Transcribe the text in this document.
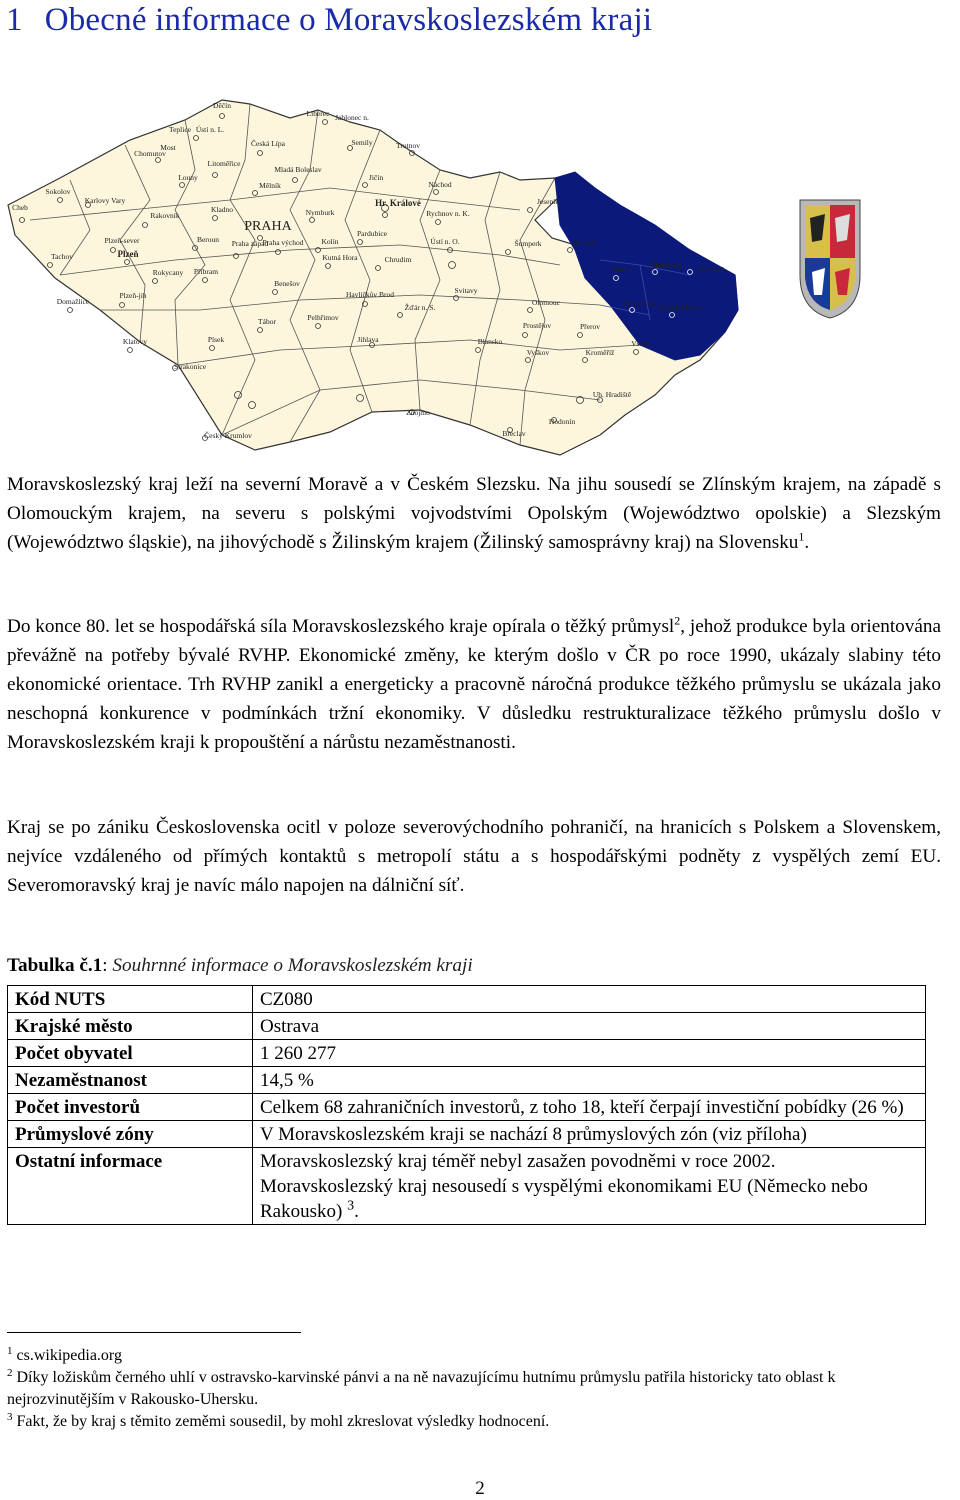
1 Obecné informace o Moravskoslezském kraji
Děčín
Liberec Jablonec n.
Teplice Ústí n. L.
Most	Česká Lípa	Semily	Trutnov
Chomutov
Litoměřice
Mladá Boleslav
Jičín
Louny
Mělník	Náchod
Sokolov
Karlovy Vary
Cheb	Kladno	Nymburk
Hr. Králové
Rychnov n. K.
Jeseník
Rakovník
PRAHA
Praha západ
Praha východ Kolín
Pardubice
Ústí n. O.	Šumperk	Bruntál
Tachov
Plzeň-sever
Plzeň
Beroun
Kutná Hora	Chrudim
Opava Ostrava Karviná
Rokycany Příbram
Benešov
Havlíčkův Brod	Svitavy
Nový Jičín Frýdek Místek
Plzeň-jih
Žďár n. S.
Olomouc
Domažlice
Pelhřimov
Prostějov	Přerov
Tábor
Jihlava	Blansko
Klatovy	Písek
Vyškov	Kroměříž
Vsetín
Strakonice
Uh. Hradiště
Znojmo
Hodonín
Český Krumlov	Břeclav

Moravskoslezský kraj leží na severní Moravě a v Českém Slezsku. Na jihu sousedí se Zlínským krajem, na západě s Olomouckým krajem, na severu s polskými vojvodstvími Opolským (Województwo opolskie) a Slezským (Województwo śląskie), na jihovýchodě s Žilinským krajem (Žilinský samosprávny kraj) na Slovensku$^1$.

Do konce 80. let se hospodářská síla Moravskoslezského kraje opírala o těžký průmysl$^2$, jehož produkce byla orientována převážně na potřeby bývalé RVHP. Ekonomické změny, ke kterým došlo v ČR po roce 1990, ukázaly slabiny této ekonomické orientace. Trh RVHP zanikl a energeticky a pracovně náročná produkce těžkého průmyslu se ukázala jako neschopná konkurence v podmínkách tržní ekonomiky. V důsledku restrukturalizace těžkého průmyslu došlo v Moravskoslezském kraji k propouštění a nárůstu nezaměstnanosti.

Kraj se po zániku Československa ocitl v poloze severovýchodního pohraničí, na hranicích s Polskem a Slovenskem, nejvíce vzdáleného od přímých kontaktů s metropolí státu a s hospodářskými podněty z vyspělých zemí EU. Severomoravský kraj je navíc málo napojen na dálniční síť.

Tabulka č.1: Souhrnné informace o Moravskoslezském kraji

Kód NUTS	CZ080
Krajské město	Ostrava
Počet obyvatel	1 260 277
Nezaměstnanost	14,5 %
Počet investorů	Celkem 68 zahraničních investorů, z toho 18, kteří čerpají investiční pobídky (26 %)
Průmyslové zóny	V Moravskoslezském kraji se nachází 8 průmyslových zón (viz příloha)
Ostatní informace	Moravskoslezský kraj téměř nebyl zasažen povodněmi v roce 2002.
Moravskoslezský kraj nesousedí s vyspělými ekonomikami EU (Německo nebo Rakousko) $^3$.

$^1$ cs.wikipedia.org

$^2$ Díky ložiskům černého uhlí v ostravsko-karvinské pánvi a na ně navazujícímu hutnímu průmyslu patřila historicky tato oblast k nejrozvinutějším v Rakousko-Uhersku.

$^3$ Fakt, že by kraj s těmito zeměmi sousedil, by mohl zkreslovat výsledky hodnocení.

2
